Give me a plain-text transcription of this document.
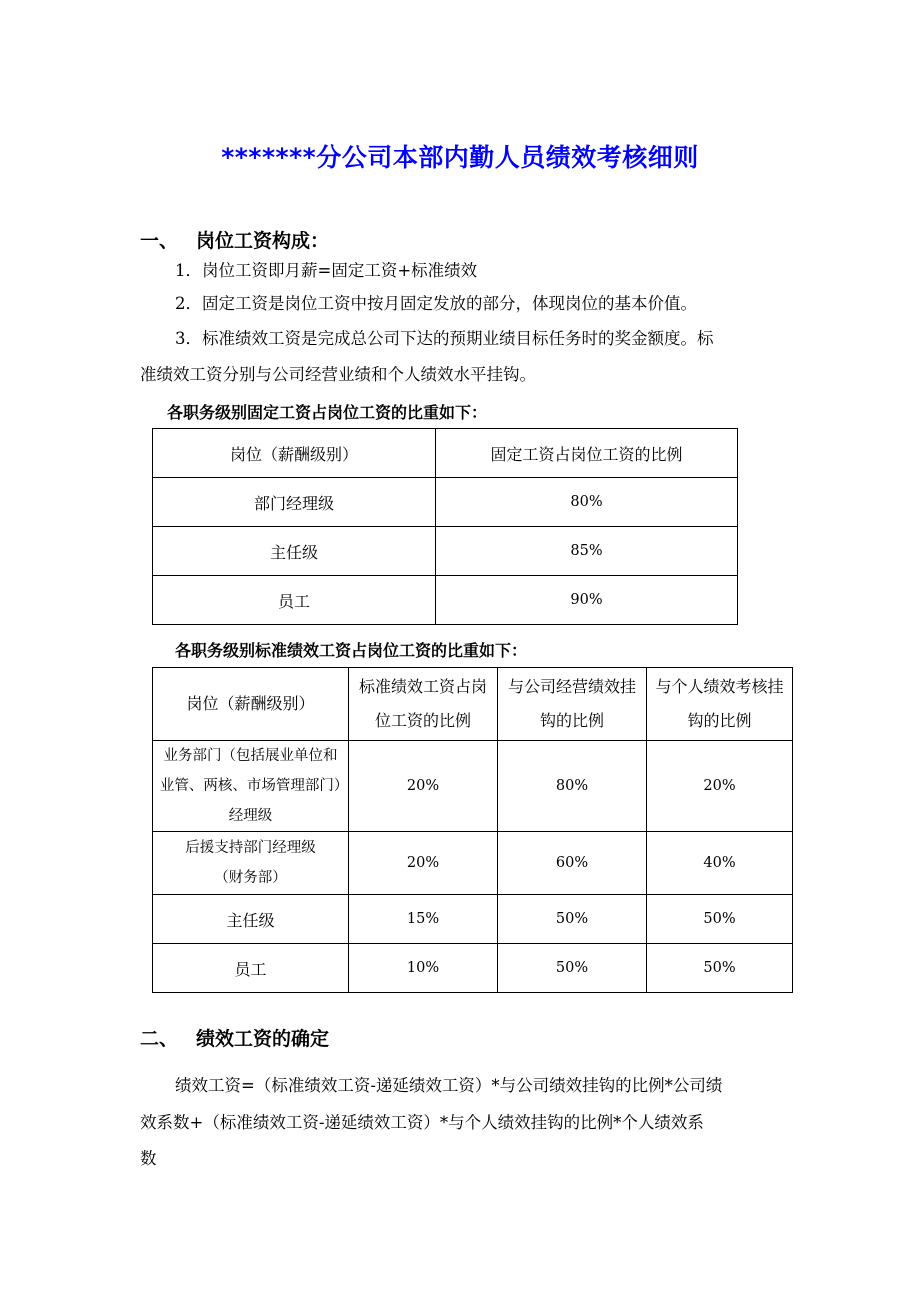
*******分公司本部内勤人员绩效考核细则
一、 岗位工资构成：
1．岗位工资即月薪=固定工资+标准绩效
2．固定工资是岗位工资中按月固定发放的部分，体现岗位的基本价值。
3．标准绩效工资是完成总公司下达的预期业绩目标任务时的奖金额度。标
准绩效工资分别与公司经营业绩和个人绩效水平挂钩。
各职务级别固定工资占岗位工资的比重如下：
岗位（薪酬级别）	固定工资占岗位工资的比例
部门经理级	80%
主任级	85%
员工	90%
各职务级别标准绩效工资占岗位工资的比重如下：
岗位（薪酬级别）	标准绩效工资占岗位工资的比例	与公司经营绩效挂钩的比例	与个人绩效考核挂钩的比例

业务部门（包括展业单位和业管、两核、市场管理部门）经理级	20%	80%	20%

后援支持部门经理级（财务部）	20%	60%	40%
主任级	15%	50%	50%
员工	10%	50%	50%
二、 绩效工资的确定
绩效工资=（标准绩效工资-递延绩效工资）*与公司绩效挂钩的比例*公司绩
效系数+（标准绩效工资-递延绩效工资）*与个人绩效挂钩的比例*个人绩效系
数
